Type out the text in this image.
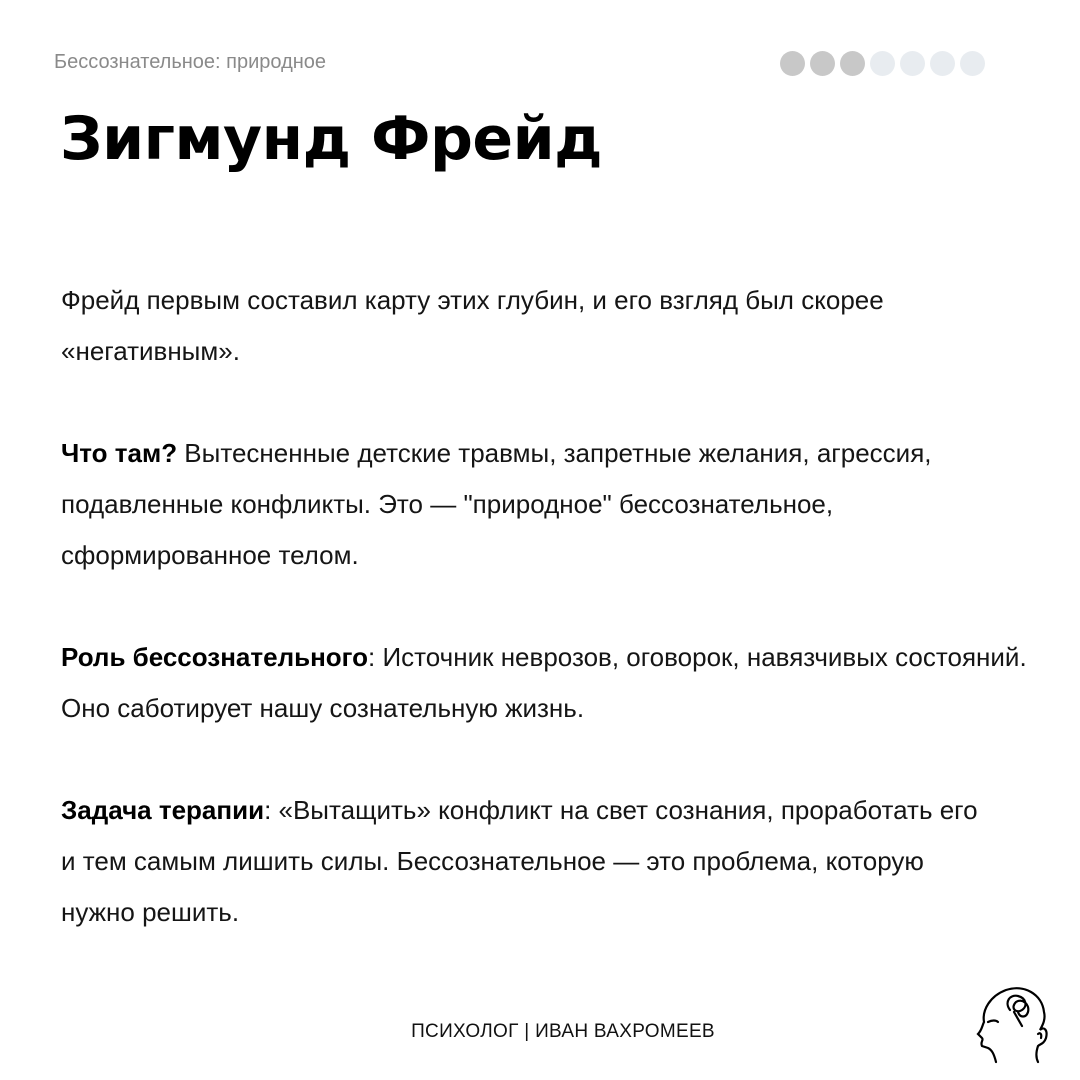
Бессознательное: природное
Зигмунд Фрейд
Фрейд первым составил карту этих глубин, и его взгляд был скорее «негативным».
Что там? Вытесненные детские травмы, запретные желания, агрессия, подавленные конфликты. Это — "природное" бессознательное, сформированное телом.
Роль бессознательного: Источник неврозов, оговорок, навязчивых состояний. Оно саботирует нашу сознательную жизнь.
Задача терапии: «Вытащить» конфликт на свет сознания, проработать его и тем самым лишить силы. Бессознательное — это проблема, которую нужно решить.
ПСИХОЛОГ | ИВАН ВАХРОМЕЕВ
